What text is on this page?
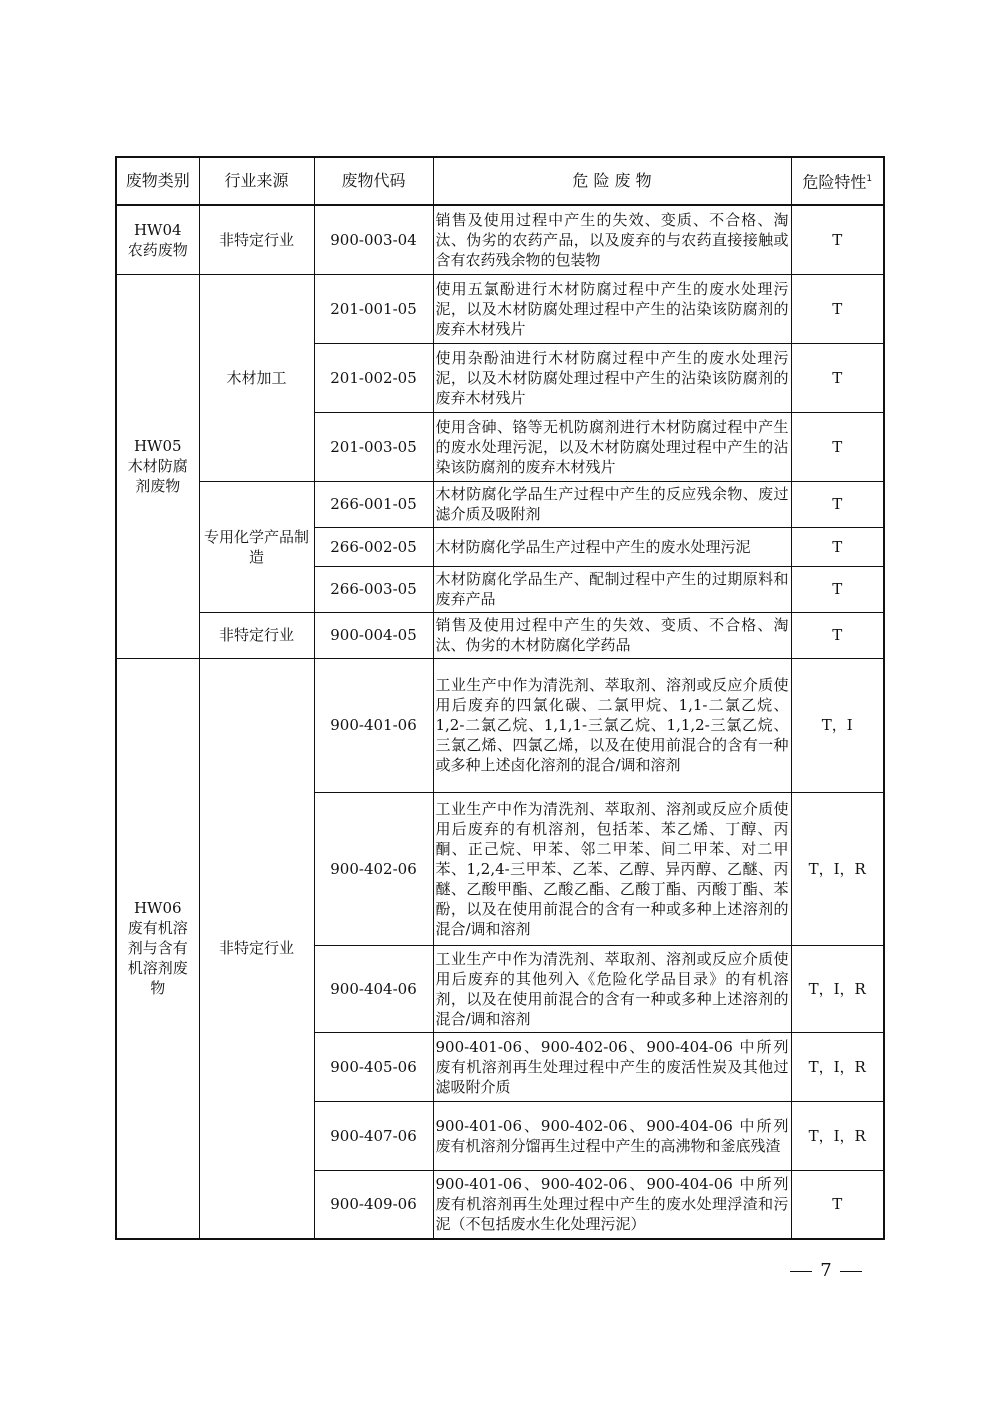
废物类别	行业来源	废物代码	危 险 废 物	危险特性$^1$

HW04
农药废物	非特定行业	900-003-04	销售及使用过程中产生的失效、变质、不合格、淘汰、伪劣的农药产品，以及废弃的与农药直接接触或含有农药残余物的包装物	T

HW05
木材防腐剂废物	木材加工	201-001-05	使用五氯酚进行木材防腐过程中产生的废水处理污泥，以及木材防腐处理过程中产生的沾染该防腐剂的废弃木材残片	T
		201-002-05	使用杂酚油进行木材防腐过程中产生的废水处理污泥，以及木材防腐处理过程中产生的沾染该防腐剂的废弃木材残片	T
		201-003-05	使用含砷、铬等无机防腐剂进行木材防腐过程中产生的废水处理污泥，以及木材防腐处理过程中产生的沾染该防腐剂的废弃木材残片	T
	专用化学产品制造	266-001-05	木材防腐化学品生产过程中产生的反应残余物、废过滤介质及吸附剂	T
		266-002-05	木材防腐化学品生产过程中产生的废水处理污泥	T
		266-003-05	木材防腐化学品生产、配制过程中产生的过期原料和废弃产品	T
	非特定行业	900-004-05	销售及使用过程中产生的失效、变质、不合格、淘汰、伪劣的木材防腐化学药品	T

HW06
废有机溶剂与含有机溶剂废物	非特定行业	900-401-06	工业生产中作为清洗剂、萃取剂、溶剂或反应介质使用后废弃的四氯化碳、二氯甲烷、1,1-二氯乙烷、1,2-二氯乙烷、1,1,1-三氯乙烷、1,1,2-三氯乙烷、三氯乙烯、四氯乙烯，以及在使用前混合的含有一种或多种上述卤化溶剂的混合/调和溶剂	T，I
		900-402-06	工业生产中作为清洗剂、萃取剂、溶剂或反应介质使用后废弃的有机溶剂，包括苯、苯乙烯、丁醇、丙酮、正己烷、甲苯、邻二甲苯、间二甲苯、对二甲苯、1,2,4-三甲苯、乙苯、乙醇、异丙醇、乙醚、丙醚、乙酸甲酯、乙酸乙酯、乙酸丁酯、丙酸丁酯、苯酚，以及在使用前混合的含有一种或多种上述溶剂的混合/调和溶剂	T，I，R
		900-404-06	工业生产中作为清洗剂、萃取剂、溶剂或反应介质使用后废弃的其他列入《危险化学品目录》的有机溶剂，以及在使用前混合的含有一种或多种上述溶剂的混合/调和溶剂	T，I，R
		900-405-06	900-401-06、900-402-06、900-404-06 中所列废有机溶剂再生处理过程中产生的废活性炭及其他过滤吸附介质	T，I，R
		900-407-06	900-401-06、900-402-06、900-404-06 中所列废有机溶剂分馏再生过程中产生的高沸物和釜底残渣	T，I，R
		900-409-06	900-401-06、900-402-06、900-404-06 中所列废有机溶剂再生处理过程中产生的废水处理浮渣和污泥（不包括废水生化处理污泥）	T
7
